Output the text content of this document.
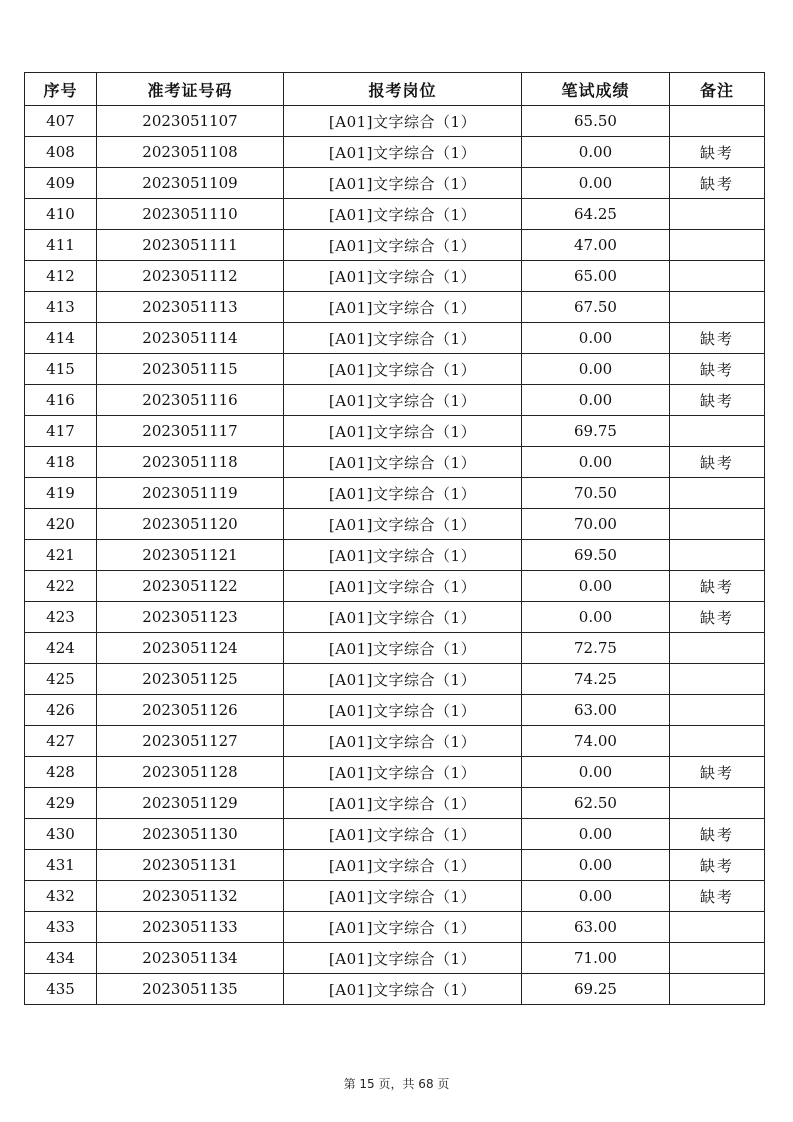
序号	准考证号码	报考岗位	笔试成绩	备注
407	2023051107	[A01]文字综合（1）	65.50	
408	2023051108	[A01]文字综合（1）	0.00	缺考
409	2023051109	[A01]文字综合（1）	0.00	缺考
410	2023051110	[A01]文字综合（1）	64.25	
411	2023051111	[A01]文字综合（1）	47.00	
412	2023051112	[A01]文字综合（1）	65.00	
413	2023051113	[A01]文字综合（1）	67.50	
414	2023051114	[A01]文字综合（1）	0.00	缺考
415	2023051115	[A01]文字综合（1）	0.00	缺考
416	2023051116	[A01]文字综合（1）	0.00	缺考
417	2023051117	[A01]文字综合（1）	69.75	
418	2023051118	[A01]文字综合（1）	0.00	缺考
419	2023051119	[A01]文字综合（1）	70.50	
420	2023051120	[A01]文字综合（1）	70.00	
421	2023051121	[A01]文字综合（1）	69.50	
422	2023051122	[A01]文字综合（1）	0.00	缺考
423	2023051123	[A01]文字综合（1）	0.00	缺考
424	2023051124	[A01]文字综合（1）	72.75	
425	2023051125	[A01]文字综合（1）	74.25	
426	2023051126	[A01]文字综合（1）	63.00	
427	2023051127	[A01]文字综合（1）	74.00	
428	2023051128	[A01]文字综合（1）	0.00	缺考
429	2023051129	[A01]文字综合（1）	62.50	
430	2023051130	[A01]文字综合（1）	0.00	缺考
431	2023051131	[A01]文字综合（1）	0.00	缺考
432	2023051132	[A01]文字综合（1）	0.00	缺考
433	2023051133	[A01]文字综合（1）	63.00	
434	2023051134	[A01]文字综合（1）	71.00	
435	2023051135	[A01]文字综合（1）	69.25	
第 15 页，共 68 页
